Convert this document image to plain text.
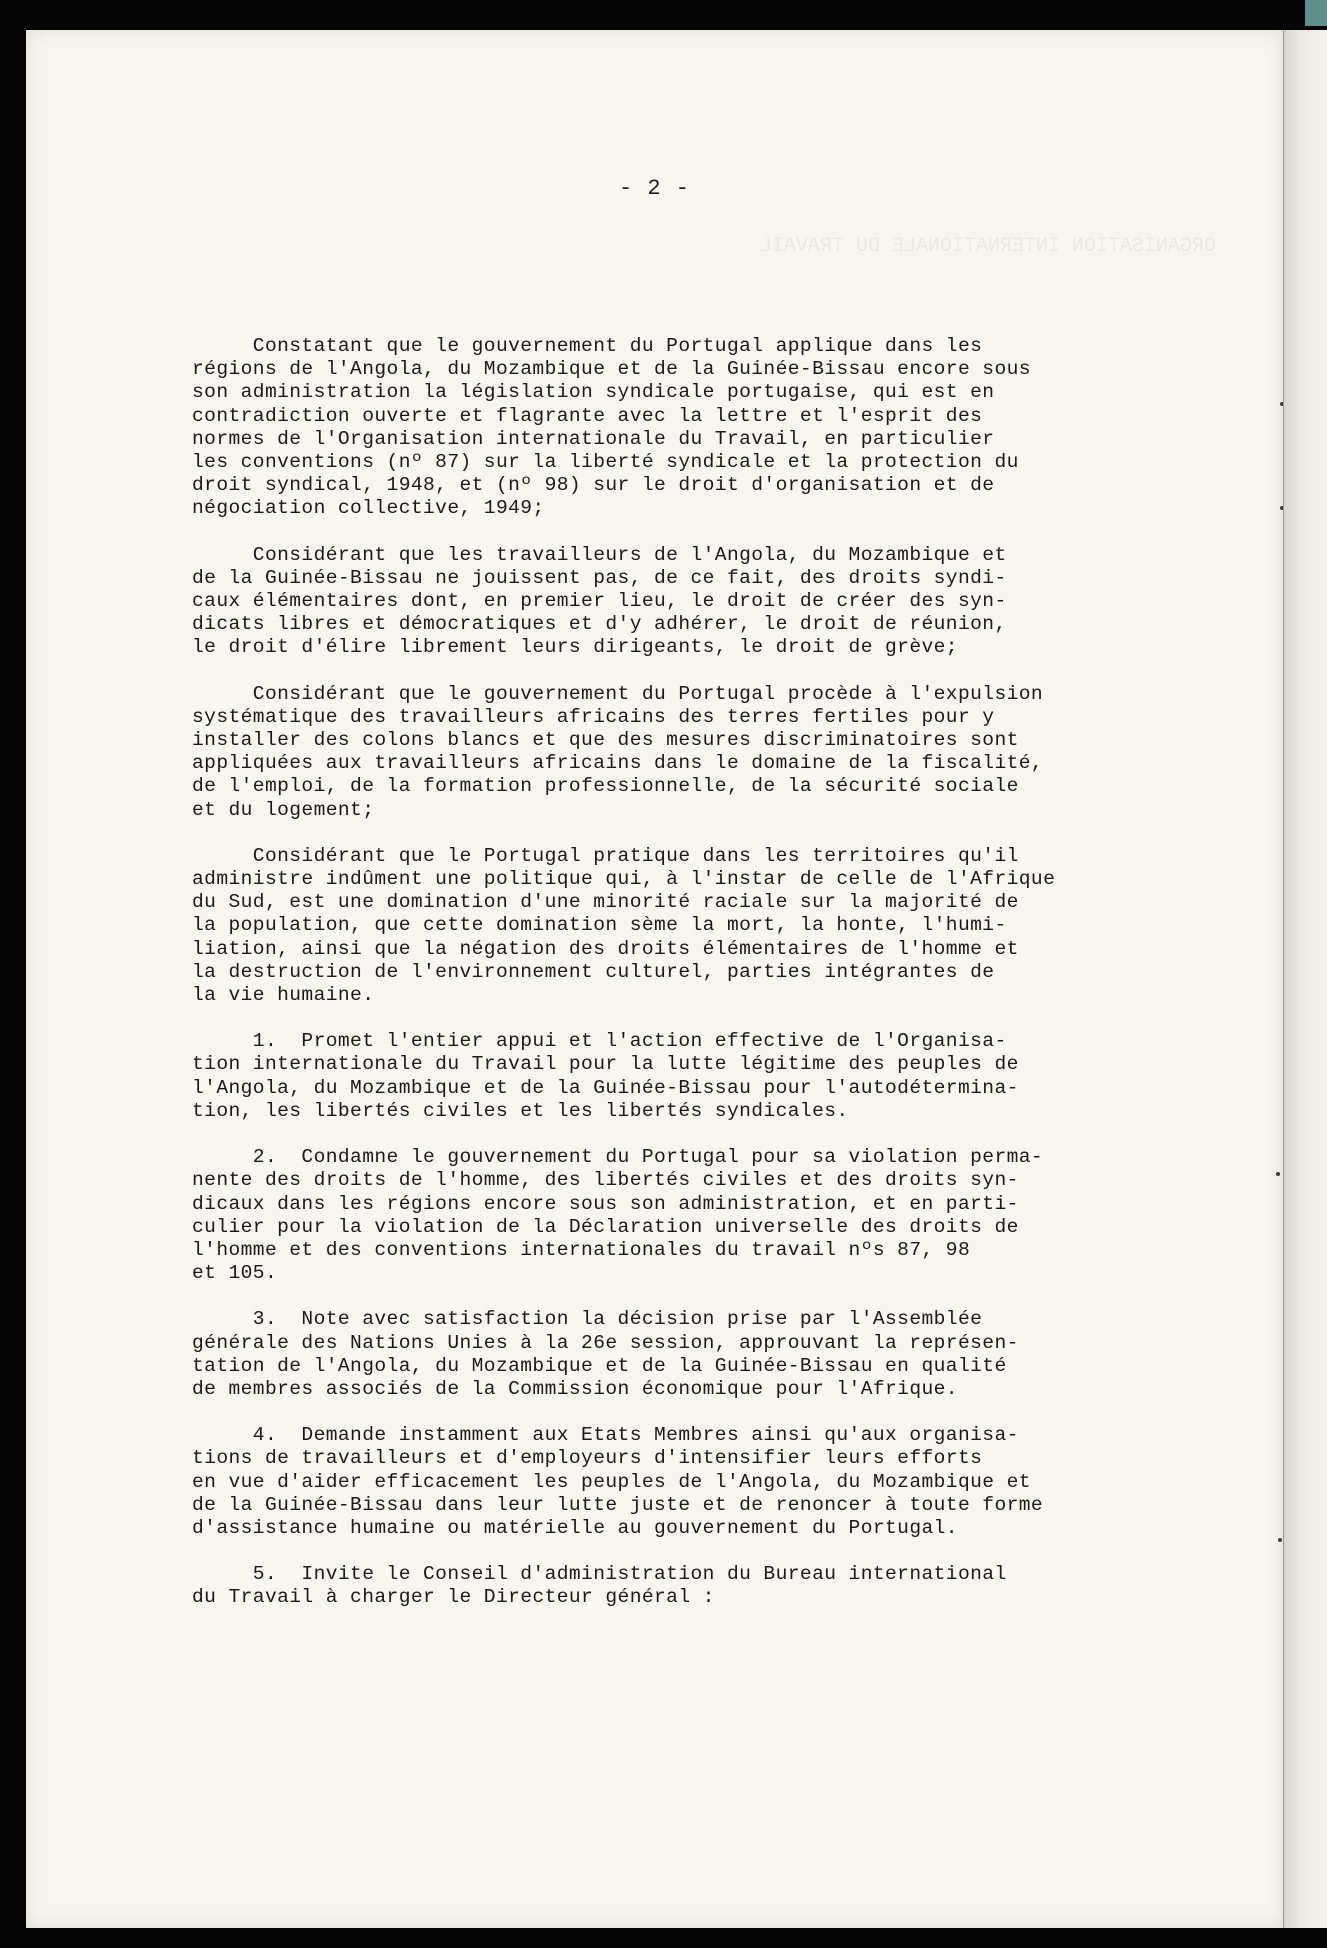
ORGANISATION INTERNATIONALE DU TRAVAIL
- 2 -

Constatant que le gouvernement du Portugal applique dans les
régions de l'Angola, du Mozambique et de la Guinée-Bissau encore sous
son administration la législation syndicale portugaise, qui est en
contradiction ouverte et flagrante avec la lettre et l'esprit des
normes de l'Organisation internationale du Travail, en particulier
les conventions (nº 87) sur la liberté syndicale et la protection du
droit syndical, 1948, et (nº 98) sur le droit d'organisation et de
négociation collective, 1949;

Considérant que les travailleurs de l'Angola, du Mozambique et
de la Guinée-Bissau ne jouissent pas, de ce fait, des droits syndi-
caux élémentaires dont, en premier lieu, le droit de créer des syn-
dicats libres et démocratiques et d'y adhérer, le droit de réunion,
le droit d'élire librement leurs dirigeants, le droit de grève;

Considérant que le gouvernement du Portugal procède à l'expulsion
systématique des travailleurs africains des terres fertiles pour y
installer des colons blancs et que des mesures discriminatoires sont
appliquées aux travailleurs africains dans le domaine de la fiscalité,
de l'emploi, de la formation professionnelle, de la sécurité sociale
et du logement;

Considérant que le Portugal pratique dans les territoires qu'il
administre indûment une politique qui, à l'instar de celle de l'Afrique
du Sud, est une domination d'une minorité raciale sur la majorité de
la population, que cette domination sème la mort, la honte, l'humi-
liation, ainsi que la négation des droits élémentaires de l'homme et
la destruction de l'environnement culturel, parties intégrantes de
la vie humaine.

1.  Promet l'entier appui et l'action effective de l'Organisa-
tion internationale du Travail pour la lutte légitime des peuples de
l'Angola, du Mozambique et de la Guinée-Bissau pour l'autodétermina-
tion, les libertés civiles et les libertés syndicales.

2.  Condamne le gouvernement du Portugal pour sa violation perma-
nente des droits de l'homme, des libertés civiles et des droits syn-
dicaux dans les régions encore sous son administration, et en parti-
culier pour la violation de la Déclaration universelle des droits de
l'homme et des conventions internationales du travail nºs 87, 98
et 105.

3.  Note avec satisfaction la décision prise par l'Assemblée
générale des Nations Unies à la 26e session, approuvant la représen-
tation de l'Angola, du Mozambique et de la Guinée-Bissau en qualité
de membres associés de la Commission économique pour l'Afrique.

4.  Demande instamment aux Etats Membres ainsi qu'aux organisa-
tions de travailleurs et d'employeurs d'intensifier leurs efforts
en vue d'aider efficacement les peuples de l'Angola, du Mozambique et
de la Guinée-Bissau dans leur lutte juste et de renoncer à toute forme
d'assistance humaine ou matérielle au gouvernement du Portugal.

5.  Invite le Conseil d'administration du Bureau international
du Travail à charger le Directeur général :
